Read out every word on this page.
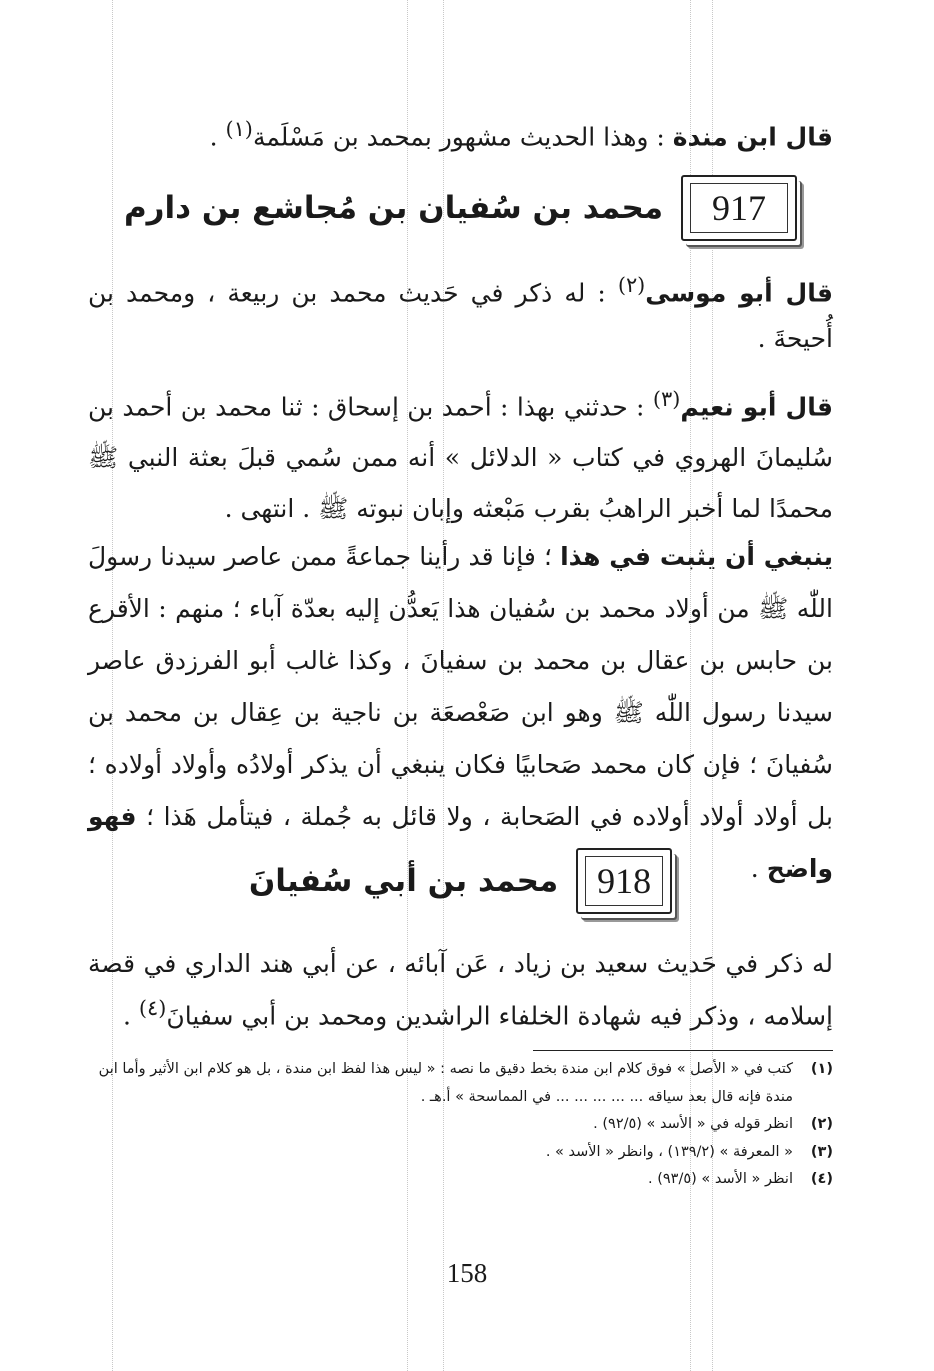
قال ابن مندة : وهذا الحديث مشهور بمحمد بن مَسْلَمة$^{(١)}$ .
917
محمد بن سُفيان بن مُجاشع بن دارم
قال أبو موسى$^{(٢)}$ : له ذكر في حَديث محمد بن ربيعة ، ومحمد بن أُحيحةَ .
قال أبو نعيم$^{(٣)}$ : حدثني بهذا : أحمد بن إسحاق : ثنا محمد بن أحمد بن سُليمانَ الهروي في كتاب « الدلائل » أنه ممن سُمي قبلَ بعثة النبي ﷺ محمدًا لما أخبر الراهبُ بقرب مَبْعثه وإبان نبوته ﷺ . انتهى .
ينبغي أن يثبت في هذا ؛ فإنا قد رأينا جماعةً ممن عاصر سيدنا رسولَ اللّٰه ﷺ من أولاد محمد بن سُفيان هذا يَعدُّن إليه بعدّة آباء ؛ منهم : الأقرع بن حابس بن عقال بن محمد بن سفيانَ ، وكذا غالب أبو الفرزدق عاصر سيدنا رسول اللّٰه ﷺ وهو ابن صَعْصعَة بن ناجية بن عِقال بن محمد بن سُفيانَ ؛ فإن كان محمد صَحابيًا فكان ينبغي أن يذكر أولادُه وأولاد أولاده ؛ بل أولاد أولاد أولاده في الصَحابة ، ولا قائل به جُملة ، فيتأمل هَذا ؛ فهو واضح .
918
محمد بن أبي سُفيانَ
له ذكر في حَديث سعيد بن زياد ، عَن آبائه ، عن أبي هند الداري في قصة إسلامه ، وذكر فيه شهادة الخلفاء الراشدين ومحمد بن أبي سفيانَ$^{(٤)}$ .
(١)
كتب في « الأصل » فوق كلام ابن مندة بخط دقيق ما نصه : « ليس هذا لفظ ابن مندة ، بل هو كلام ابن الأثير وأما ابن مندة فإنه قال بعد سياقه ... ... ... ... ... في المماسحة » أ.هـ .
(٢)
انظر قوله في « الأسد » (٩٢/٥) .
(٣)
« المعرفة » (١٣٩/٢) ، وانظر « الأسد » .
(٤)
انظر « الأسد » (٩٣/٥) .
158
